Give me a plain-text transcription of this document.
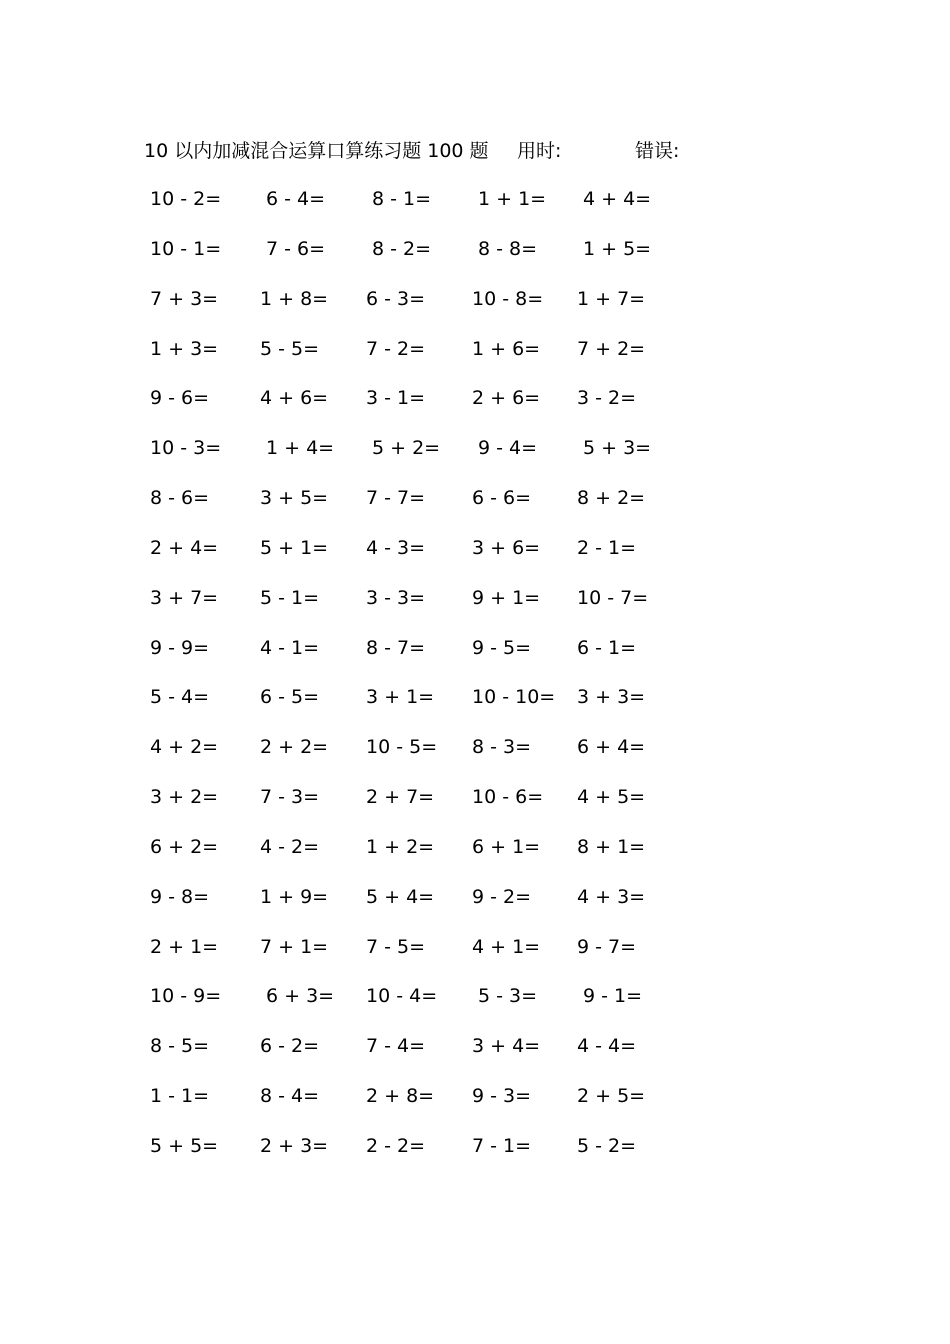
10 以内加减混合运算口算练习题 100 题 用时:	错误:
10 - 2= 6 - 4= 8 - 1= 1 + 1= 4 + 4=
10 - 1= 7 - 6= 8 - 2= 8 - 8= 1 + 5=
7 + 3= 1 + 8= 6 - 3= 10 - 8= 1 + 7=
1 + 3= 5 - 5= 7 - 2= 1 + 6= 7 + 2=
9 - 6=	4 + 6= 3 - 1= 2 + 6= 3 - 2=
10 - 3= 1 + 4= 5 + 2= 9 - 4= 5 + 3=
8 - 6=	3 + 5= 7 - 7= 6 - 6= 8 + 2=
2 + 4= 5 + 1= 4 - 3= 3 + 6= 2 - 1=
3 + 7= 5 - 1= 3 - 3= 9 + 1= 10 - 7=
9 - 9=	4 - 1= 8 - 7= 9 - 5= 6 - 1=
5 - 4=	6 - 5= 3 + 1= 10 - 10= 3 + 3=
4 + 2= 2 + 2= 10 - 5= 8 - 3= 6 + 4=
3 + 2= 7 - 3= 2 + 7= 10 - 6= 4 + 5=
6 + 2= 4 - 2= 1 + 2= 6 + 1= 8 + 1=
9 - 8=	1 + 9= 5 + 4= 9 - 2= 4 + 3=
2 + 1= 7 + 1= 7 - 5= 4 + 1= 9 - 7=
10 - 9= 6 + 3= 10 - 4= 5 - 3= 9 - 1=
8 - 5=	6 - 2= 7 - 4= 3 + 4= 4 - 4=
1 - 1=	8 - 4= 2 + 8= 9 - 3= 2 + 5=
5 + 5= 2 + 3= 2 - 2= 7 - 1= 5 - 2=
